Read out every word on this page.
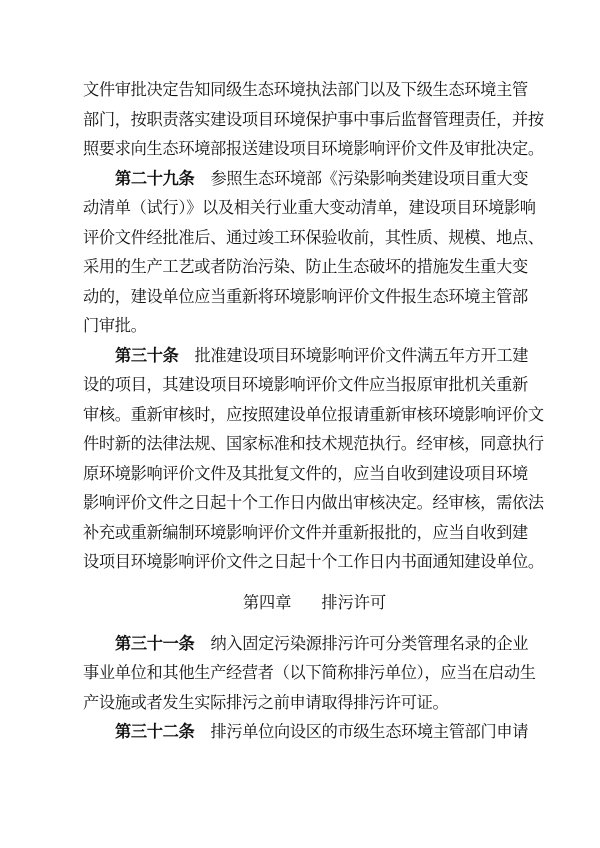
文件审批决定告知同级生态环境执法部门以及下级生态环境主管
部门，按职责落实建设项目环境保护事中事后监督管理责任，并按
照要求向生态环境部报送建设项目环境影响评价文件及审批决定。
第二十九条 参照生态环境部《污染影响类建设项目重大变
动清单（试行）》以及相关行业重大变动清单，建设项目环境影响
评价文件经批准后、通过竣工环保验收前，其性质、规模、地点、
采用的生产工艺或者防治污染、防止生态破坏的措施发生重大变
动的，建设单位应当重新将环境影响评价文件报生态环境主管部
门审批。
第三十条 批准建设项目环境影响评价文件满五年方开工建
设的项目，其建设项目环境影响评价文件应当报原审批机关重新
审核。重新审核时，应按照建设单位报请重新审核环境影响评价文
件时新的法律法规、国家标准和技术规范执行。经审核，同意执行
原环境影响评价文件及其批复文件的，应当自收到建设项目环境
影响评价文件之日起十个工作日内做出审核决定。经审核，需依法
补充或重新编制环境影响评价文件并重新报批的，应当自收到建
设项目环境影响评价文件之日起十个工作日内书面通知建设单位。
第四章 排污许可
第三十一条 纳入固定污染源排污许可分类管理名录的企业
事业单位和其他生产经营者（以下简称排污单位），应当在启动生
产设施或者发生实际排污之前申请取得排污许可证。
第三十二条 排污单位向设区的市级生态环境主管部门申请
